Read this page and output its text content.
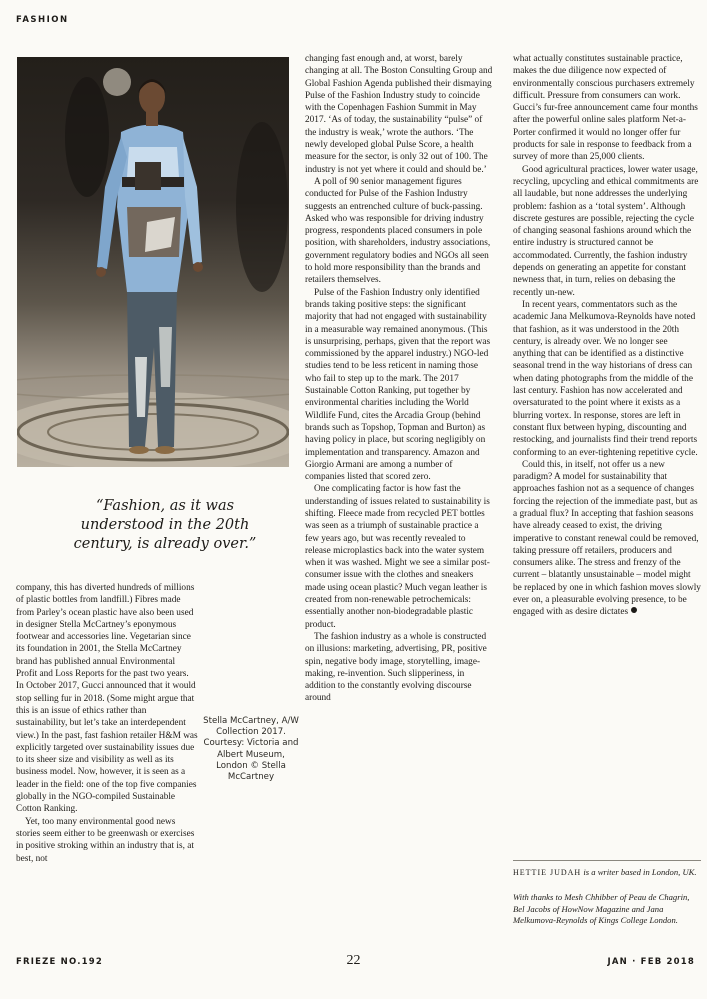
FASHION
“Fashion, as it was understood in the 20th century, is already over.”
Stella McCartney, A/W Collection 2017. Courtesy: Victoria and Albert Museum, London © Stella McCartney

company, this has diverted hundreds of millions of plastic bottles from landfill.) Fibres made from Parley’s ocean plastic have also been used in designer Stella McCartney’s eponymous footwear and accessories line. Vegetarian since its foundation in 2001, the Stella McCartney brand has published annual Environmental Profit and Loss Reports for the past two years. In October 2017, Gucci announced that it would stop selling fur in 2018. (Some might argue that this is an issue of ethics rather than sustainability, but let’s take an interdependent view.) In the past, fast fashion retailer H&M was explicitly targeted over sustainability issues due to its sheer size and visibility as well as its business model. Now, however, it is seen as a leader in the field: one of the top five companies globally in the NGO-compiled Sustainable Cotton Ranking.

Yet, too many environmental good news stories seem either to be greenwash or exercises in positive stroking within an industry that is, at best, not

changing fast enough and, at worst, barely changing at all. The Boston Consulting Group and Global Fashion Agenda published their dismaying Pulse of the Fashion Industry study to coincide with the Copenhagen Fashion Summit in May 2017. ‘As of today, the sustainability “pulse” of the industry is weak,’ wrote the authors. ‘The newly developed global Pulse Score, a health measure for the sector, is only 32 out of 100. The industry is not yet where it could and should be.’

A poll of 90 senior management figures conducted for Pulse of the Fashion Industry suggests an entrenched culture of buck-passing. Asked who was responsible for driving industry progress, respondents placed consumers in pole position, with shareholders, industry associations, government regulatory bodies and NGOs all seen to hold more responsibility than the brands and retailers themselves.

Pulse of the Fashion Industry only identified brands taking positive steps: the significant majority that had not engaged with sustainability in a measurable way remained anonymous. (This is unsurprising, perhaps, given that the report was commissioned by the apparel industry.) NGO-led studies tend to be less reticent in naming those who fail to step up to the mark. The 2017 Sustainable Cotton Ranking, put together by environmental charities including the World Wildlife Fund, cites the Arcadia Group (behind brands such as Topshop, Topman and Burton) as having policy in place, but scoring negligibly on implementation and transparency. Amazon and Giorgio Armani are among a number of companies listed that scored zero.

One complicating factor is how fast the understanding of issues related to sustainability is shifting. Fleece made from recycled PET bottles was seen as a triumph of sustainable practice a few years ago, but was recently revealed to release microplastics back into the water system when it was washed. Might we see a similar post-consumer issue with the clothes and sneakers made using ocean plastic? Much vegan leather is created from non-renewable petrochemicals: essentially another non-biodegradable plastic product.

The fashion industry as a whole is constructed on illusions: marketing, advertising, PR, positive spin, negative body image, storytelling, image-making, re-invention. Such slipperiness, in addition to the constantly evolving discourse around

what actually constitutes sustainable practice, makes the due diligence now expected of environmentally conscious purchasers extremely difficult. Pressure from consumers can work. Gucci’s fur-free announcement came four months after the powerful online sales platform Net-a-Porter confirmed it would no longer offer fur products for sale in response to feedback from a survey of more than 25,000 clients.

Good agricultural practices, lower water usage, recycling, upcycling and ethical commitments are all laudable, but none addresses the underlying problem: fashion as a ‘total system’. Although discrete gestures are possible, rejecting the cycle of changing seasonal fashions around which the entire industry is structured cannot be accommodated. Currently, the fashion industry depends on generating an appetite for constant newness that, in turn, relies on debasing the recently un-new.

In recent years, commentators such as the academic Jana Melkumova-Reynolds have noted that fashion, as it was understood in the 20th century, is already over. We no longer see anything that can be identified as a distinctive seasonal trend in the way historians of dress can when dating photographs from the middle of the last century. Fashion has now accelerated and oversaturated to the point where it exists as a blurring vortex. In response, stores are left in constant flux between hyping, discounting and restocking, and journalists find their trend reports conforming to an ever-tightening repetitive cycle.

Could this, in itself, not offer us a new paradigm? A model for sustainability that approaches fashion not as a sequence of changes forcing the rejection of the immediate past, but as a gradual flux? In accepting that fashion seasons have already ceased to exist, the driving imperative to constant renewal could be removed, taking pressure off retailers, producers and consumers alike. The stress and frenzy of the current – blatantly unsustainable – model might be replaced by one in which fashion moves slowly ever on, a pleasurable evolving presence, to be engaged with as desire dictates

HETTIE JUDAH is a writer based in London, UK.
With thanks to Mesh Chhibber of Peau de Chagrin, Bel Jacobs of HowNow Magazine and Jana Melkumova-Reynolds of Kings College London.
FRIEZE NO.192	22	JAN · FEB 2018
